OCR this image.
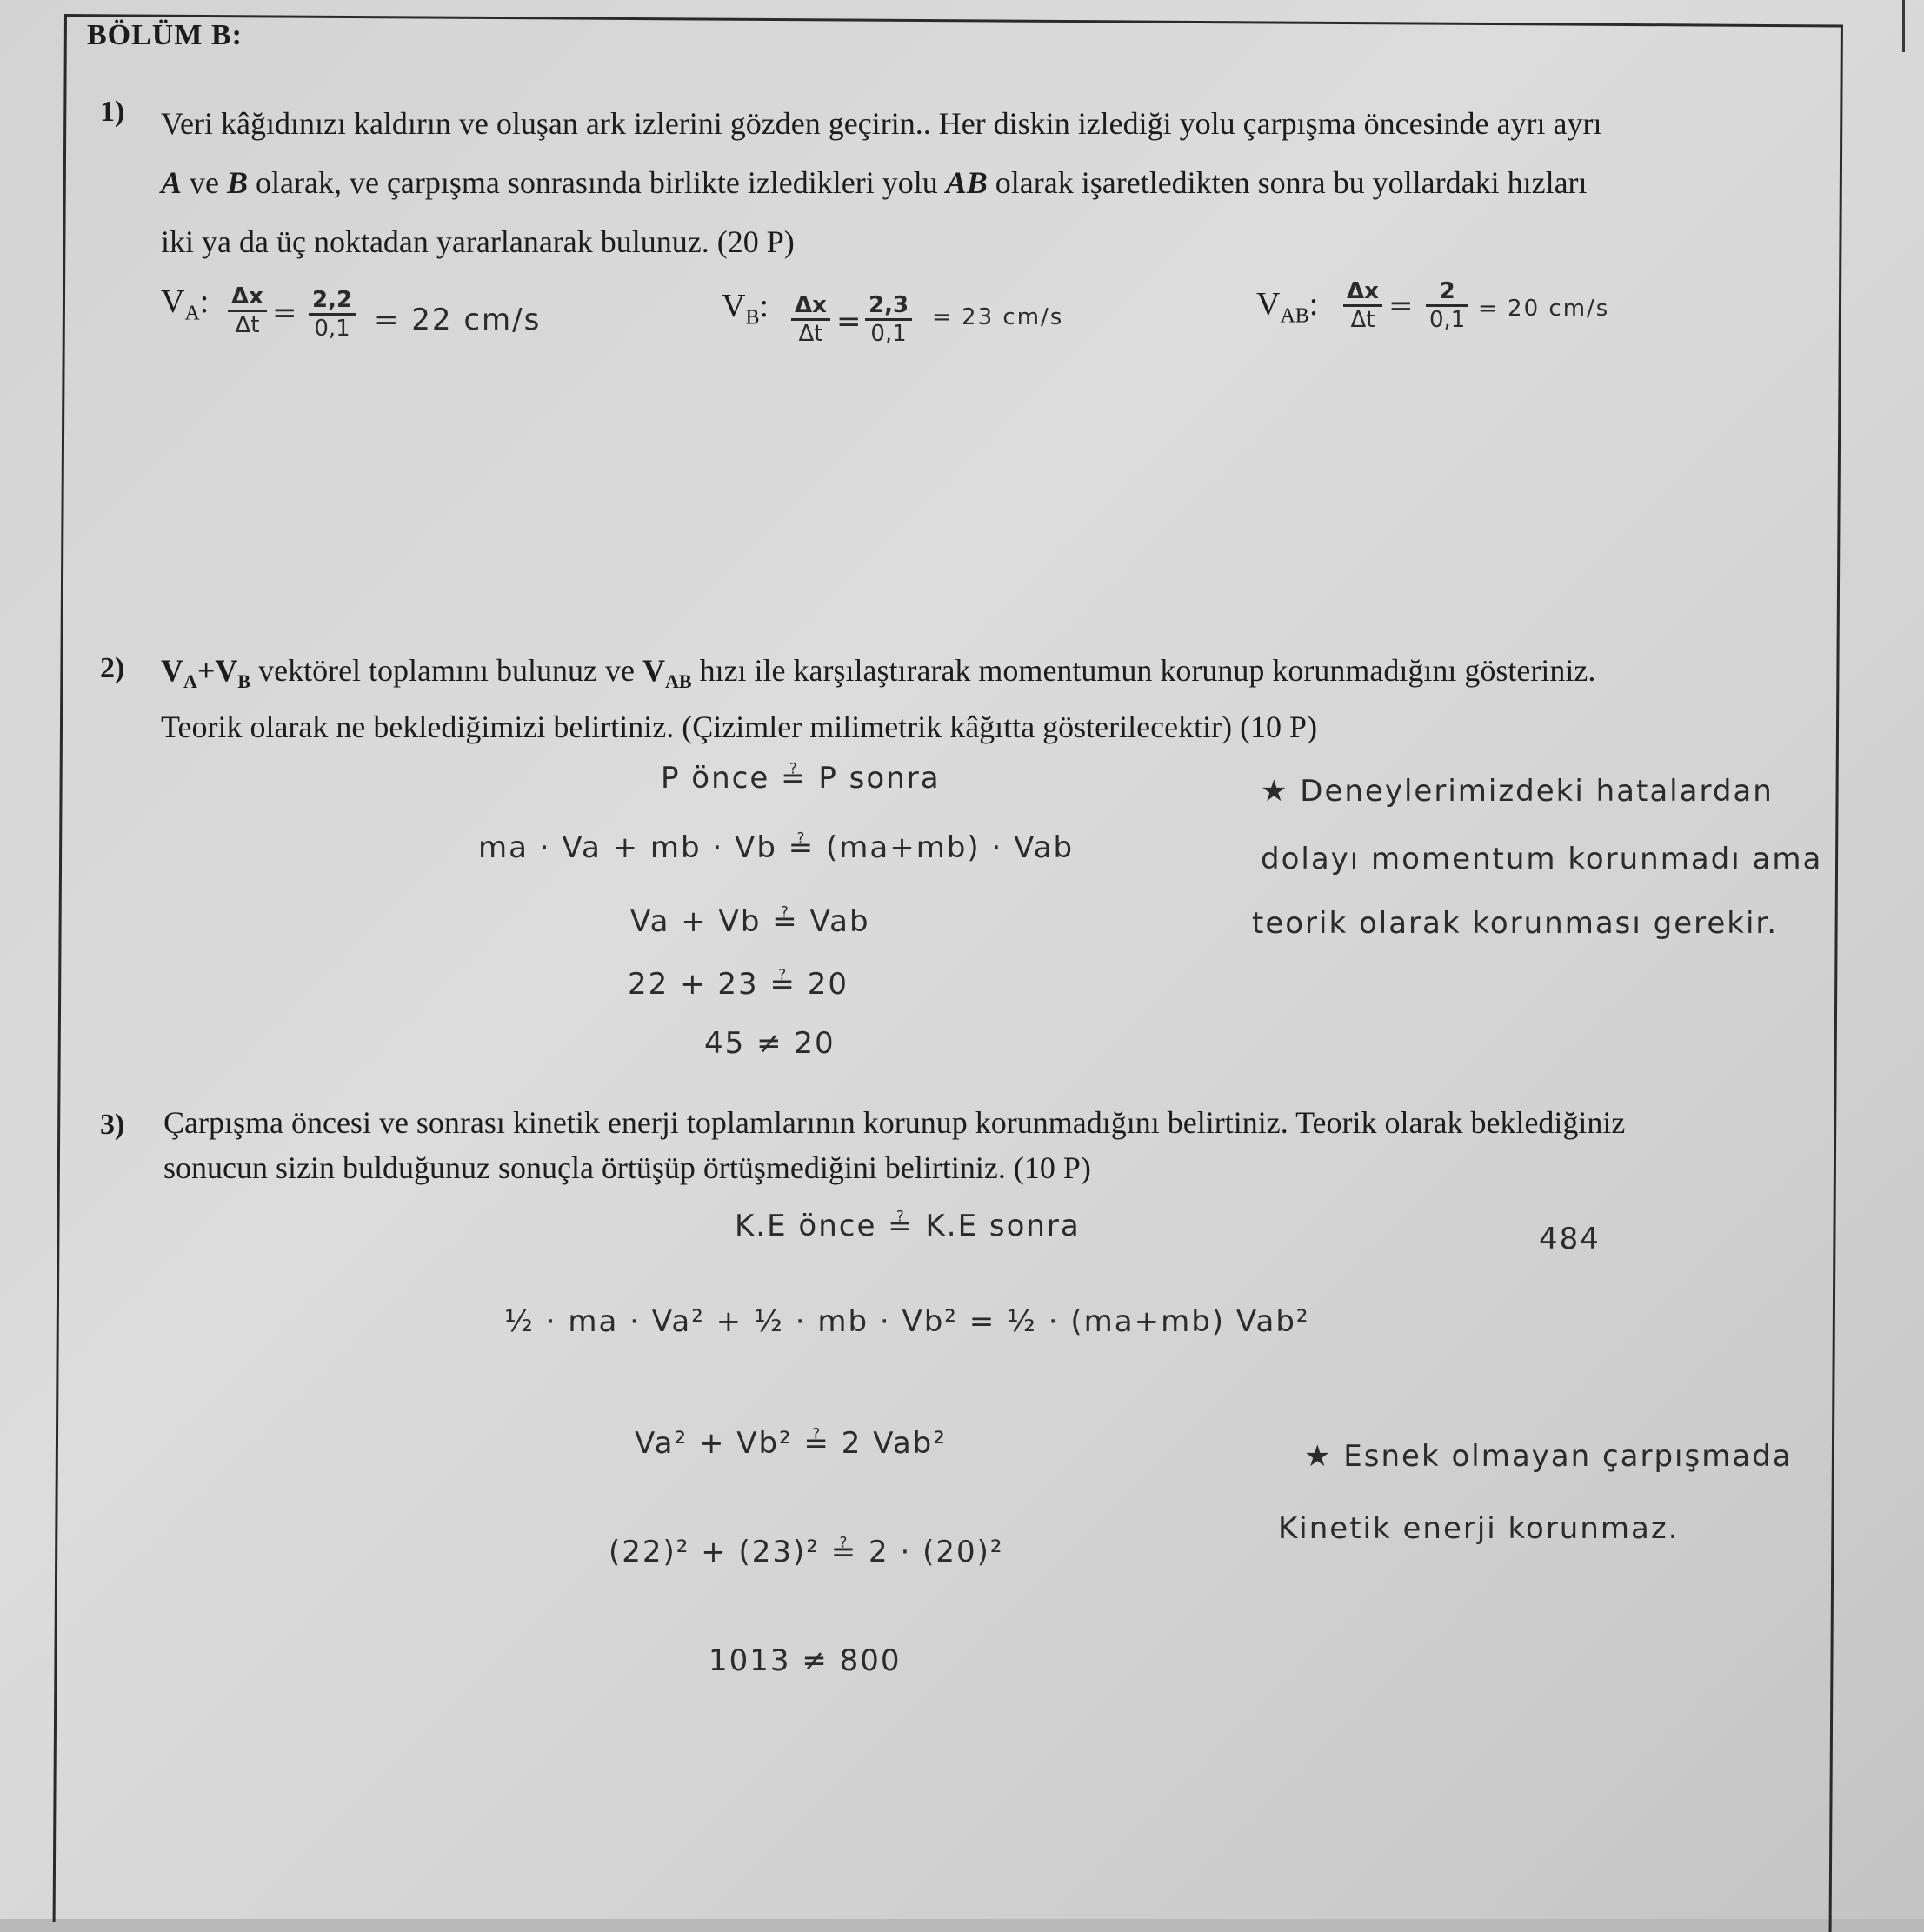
BÖLÜM B:
1) Veri kâğıdınızı kaldırın ve oluşan ark izlerini gözden geçirin.. Her diskin izlediği yolu çarpışma öncesinde ayrı ayrı
A ve B olarak, ve çarpışma sonrasında birlikte izledikleri yolu AB olarak işaretledikten sonra bu yollardaki hızları
iki ya da üç noktadan yararlanarak bulunuz. (20 P)
$V_A$: $\frac{\Delta x}{\Delta t} = \frac{2,2}{0,1} = 22$ cm/s	$V_B$: $\frac{\Delta x}{\Delta t} = \frac{2,3}{0,1} = 23$ cm/s	$V_{AB}$: $\frac{\Delta x}{\Delta t} = \frac{2}{0,1} = 20$ cm/s
2) $V_A+V_B$ vektörel toplamını bulunuz ve $V_{AB}$ hızı ile karşılaştırarak momentumun korunup korunmadığını gösteriniz.
Teorik olarak ne beklediğimizi belirtiniz. (Çizimler milimetrik kâğıtta gösterilecektir) (10 P)
P önce ≟ P sonra
ma · Va + mb · Vb ≟ (ma+mb) · Vab
Va + Vb ≟ Vab
22 + 23 ≟ 20
45 ≠ 20
★ Deneylerimizdeki hatalardan
dolayı momentum korunmadı ama
teorik olarak korunması gerekir.
3) Çarpışma öncesi ve sonrası kinetik enerji toplamlarının korunup korunmadığını belirtiniz. Teorik olarak beklediğiniz
sonucun sizin bulduğunuz sonuçla örtüşüp örtüşmediğini belirtiniz. (10 P)
K.E önce ≟ K.E sonra
½ · ma · Va² + ½ · mb · Vb² = ½ · (ma+mb) Vab²
Va² + Vb² ≟ 2 Vab²
(22)² + (23)² ≟ 2 · (20)²
1013 ≠ 800
484
★ Esnek olmayan çarpışmada
Kinetik enerji korunmaz.
